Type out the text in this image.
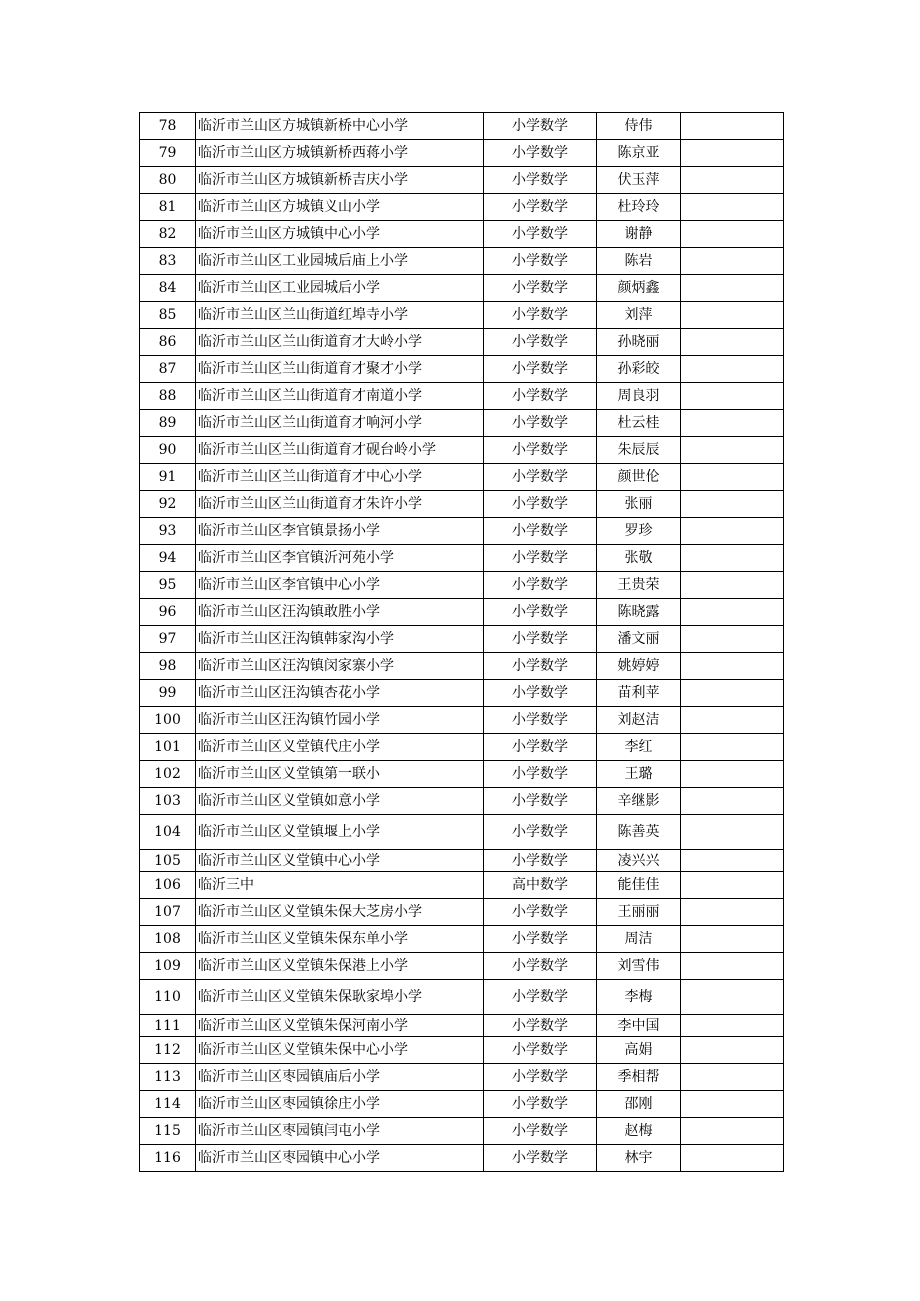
78	临沂市兰山区方城镇新桥中心小学	小学数学	侍伟	
79	临沂市兰山区方城镇新桥西蒋小学	小学数学	陈京亚	
80	临沂市兰山区方城镇新桥吉庆小学	小学数学	伏玉萍	
81	临沂市兰山区方城镇义山小学	小学数学	杜玲玲	
82	临沂市兰山区方城镇中心小学	小学数学	谢静	
83	临沂市兰山区工业园城后庙上小学	小学数学	陈岩	
84	临沂市兰山区工业园城后小学	小学数学	颜炳鑫	
85	临沂市兰山区兰山街道红埠寺小学	小学数学	刘萍	
86	临沂市兰山区兰山街道育才大岭小学	小学数学	孙晓丽	
87	临沂市兰山区兰山街道育才聚才小学	小学数学	孙彩皎	
88	临沂市兰山区兰山街道育才南道小学	小学数学	周良羽	
89	临沂市兰山区兰山街道育才响河小学	小学数学	杜云桂	
90	临沂市兰山区兰山街道育才砚台岭小学	小学数学	朱辰辰	
91	临沂市兰山区兰山街道育才中心小学	小学数学	颜世伦	
92	临沂市兰山区兰山街道育才朱许小学	小学数学	张丽	
93	临沂市兰山区李官镇景扬小学	小学数学	罗珍	
94	临沂市兰山区李官镇沂河苑小学	小学数学	张敬	
95	临沂市兰山区李官镇中心小学	小学数学	王贵荣	
96	临沂市兰山区汪沟镇敢胜小学	小学数学	陈晓露	
97	临沂市兰山区汪沟镇韩家沟小学	小学数学	潘文丽	
98	临沂市兰山区汪沟镇闵家寨小学	小学数学	姚婷婷	
99	临沂市兰山区汪沟镇杏花小学	小学数学	苗利苹	
100	临沂市兰山区汪沟镇竹园小学	小学数学	刘赵洁	
101	临沂市兰山区义堂镇代庄小学	小学数学	李红	
102	临沂市兰山区义堂镇第一联小	小学数学	王璐	
103	临沂市兰山区义堂镇如意小学	小学数学	辛继影	
104	临沂市兰山区义堂镇堰上小学	小学数学	陈善英	
105	临沂市兰山区义堂镇中心小学	小学数学	凌兴兴	
106	临沂三中	高中数学	能佳佳	
107	临沂市兰山区义堂镇朱保大芝房小学	小学数学	王丽丽	
108	临沂市兰山区义堂镇朱保东单小学	小学数学	周洁	
109	临沂市兰山区义堂镇朱保港上小学	小学数学	刘雪伟	
110	临沂市兰山区义堂镇朱保耿家埠小学	小学数学	李梅	
111	临沂市兰山区义堂镇朱保河南小学	小学数学	李中国	
112	临沂市兰山区义堂镇朱保中心小学	小学数学	高娟	
113	临沂市兰山区枣园镇庙后小学	小学数学	季相帮	
114	临沂市兰山区枣园镇徐庄小学	小学数学	邵刚	
115	临沂市兰山区枣园镇闫屯小学	小学数学	赵梅	
116	临沂市兰山区枣园镇中心小学	小学数学	林宇	
